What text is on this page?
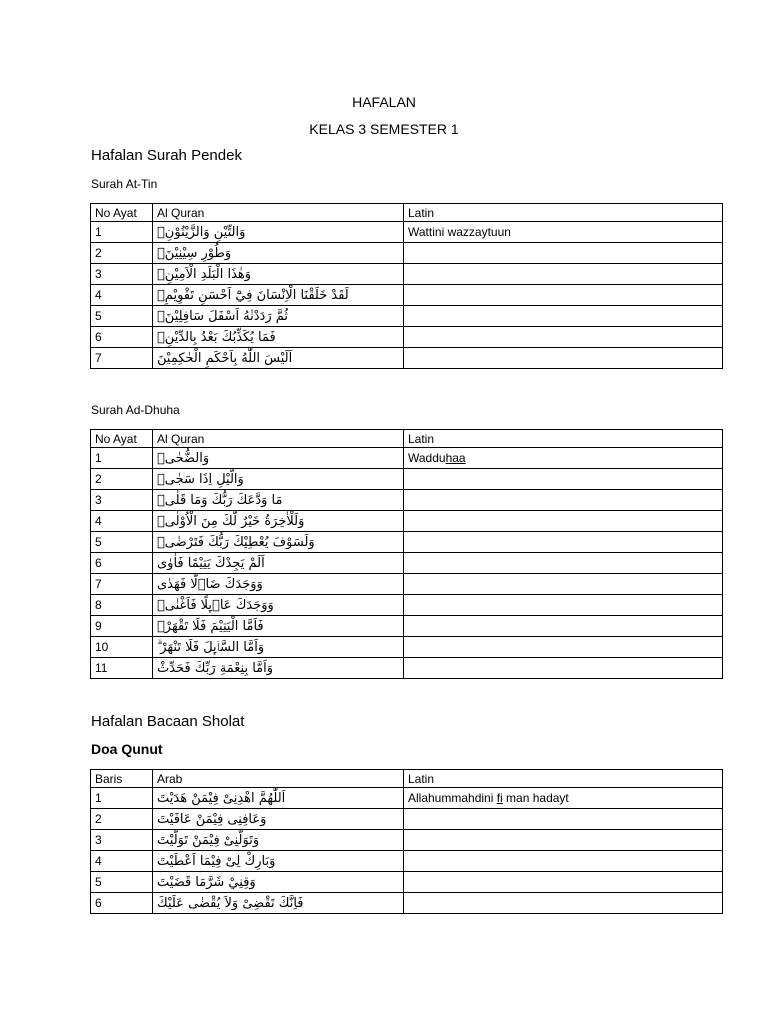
HAFALAN
KELAS 3 SEMESTER 1
Hafalan Surah Pendek
Surah At-Tin
No Ayat	Al Quran	Latin
1	وَالتِّيْنِ وَالزَّيْتُوْنِۙ	Wattini wazzaytuun
2	وَطُوْرِ سِيْنِيْنَۙ	
3	وَهٰذَا الْبَلَدِ الْاَمِيْنِۙ	
4	لَقَدْ خَلَقْنَا الْاِنْسَانَ فِيْٓ اَحْسَنِ تَقْوِيْمٍۖ	
5	ثُمَّ رَدَدْنٰهُ اَسْفَلَ سَافِلِيْنَۙ	
6	فَمَا يُكَذِّبُكَ بَعْدُ بِالدِّيْنِۗ	
7	اَلَيْسَ اللّٰهُ بِاَحْكَمِ الْحٰكِمِيْنَ	
Surah Ad-Dhuha
No Ayat	Al Quran	Latin
1	وَالضُّحٰىۙ	Wadduhaa
2	وَالَّيْلِ اِذَا سَجٰىۙ	
3	مَا وَدَّعَكَ رَبُّكَ وَمَا قَلٰىۗ	
4	وَلَلْاٰخِرَةُ خَيْرٌ لَّكَ مِنَ الْاُوْلٰىۗ	
5	وَلَسَوْفَ يُعْطِيْكَ رَبُّكَ فَتَرْضٰىۗ	
6	اَلَمْ يَجِدْكَ يَتِيْمًا فَاٰوٰى	
7	وَوَجَدَكَ ضَاۤلًّا فَهَدٰى	
8	وَوَجَدَكَ عَاۤىِٕلًا فَاَغْنٰىۗ	
9	فَاَمَّا الْيَتِيْمَ فَلَا تَقْهَرْۗ	
10	وَاَمَّا السَّاۤىِٕلَ فَلَا تَنْهَرْ ۗ	
11	وَاَمَّا بِنِعْمَةِ رَبِّكَ فَحَدِّثْ	
Hafalan Bacaan Sholat
Doa Qunut
Baris	Arab	Latin
1	اَللّٰهُمَّ اهْدِنِىْ فِيْمَنْ هَدَيْتَ	Allahummahdini fi man hadayt
2	وَعَافِنِى فِيْمَنْ عَافَيْتَ	
3	وَتَوَلَّنِىْ فِيْمَنْ تَوَلَّيْتَ	
4	وَبَارِكْ لِىْ فِيْمَا اَعْطَيْتَ	
5	وَقِنِيْ شَرَّمَا قَضَيْتَ	
6	فَاِنَّكَ تَقْضِىْ وَلاَ يُقْضٰى عَلَيْكَ	
